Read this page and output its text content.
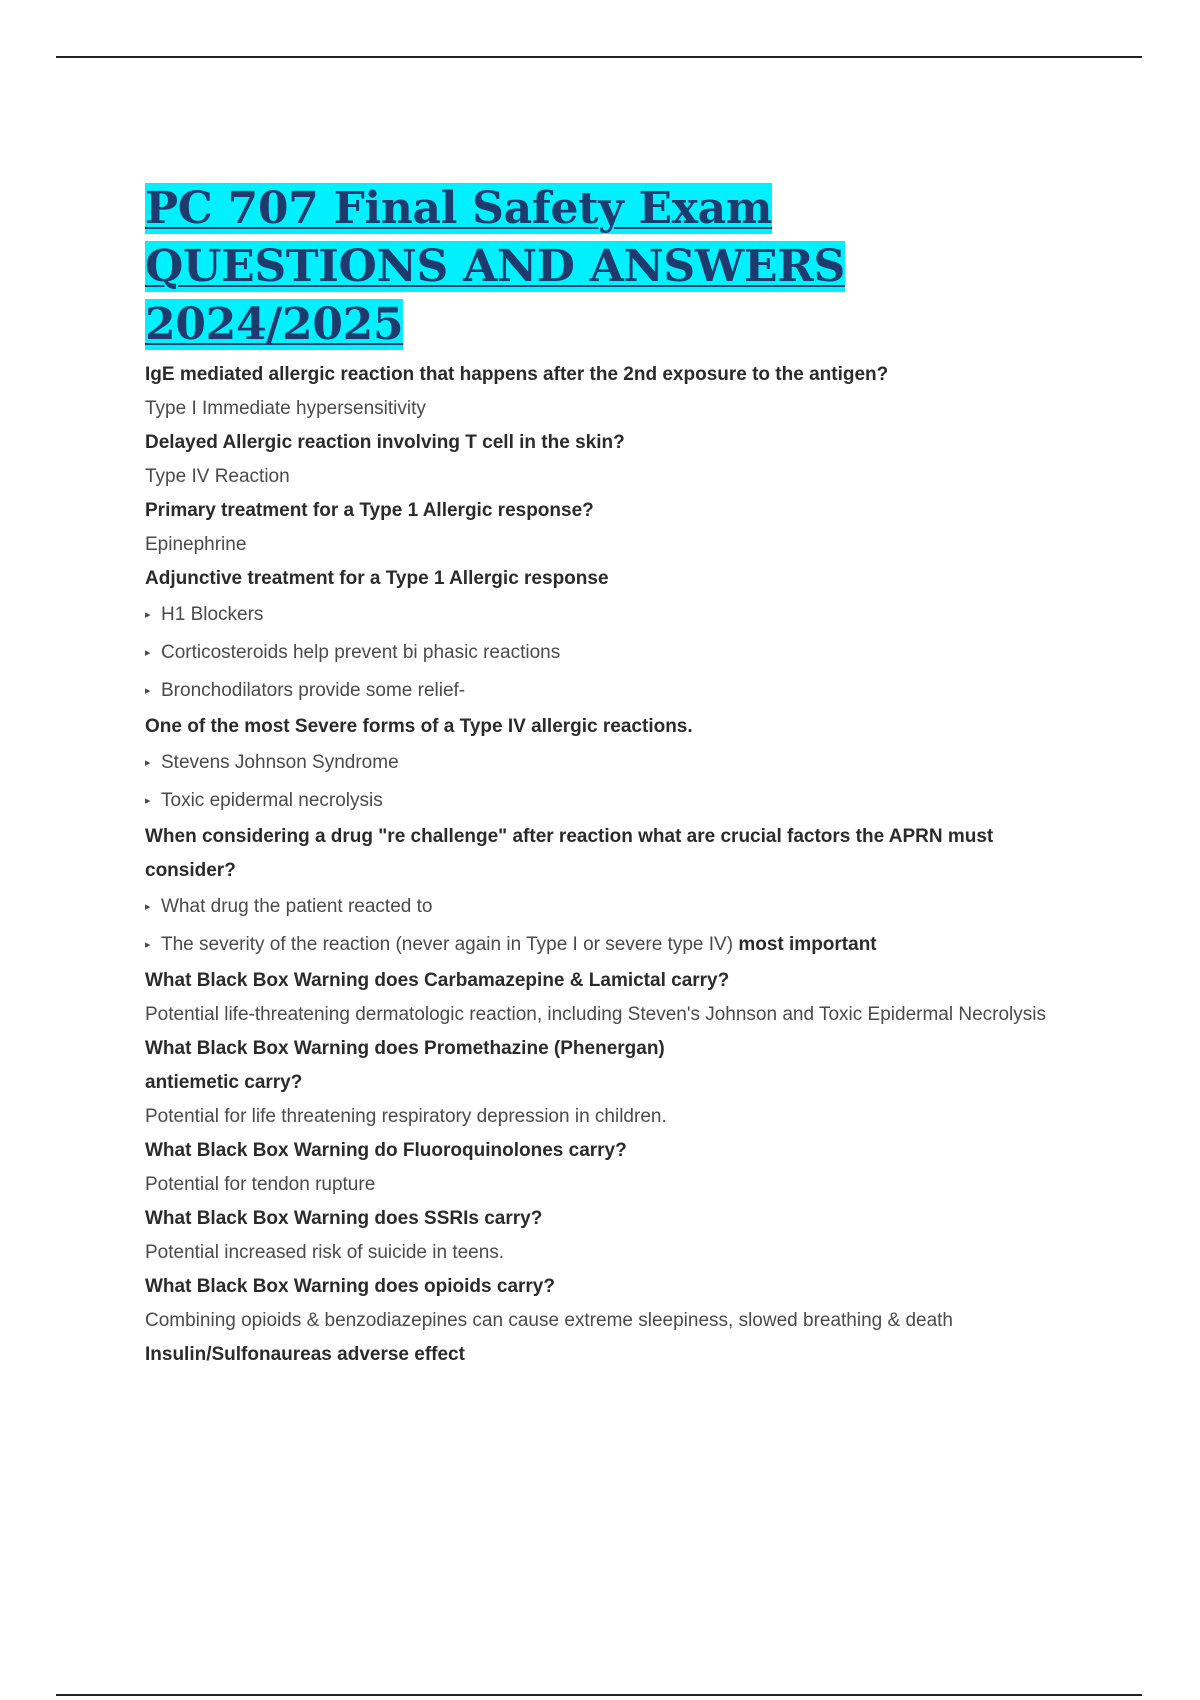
PC 707 Final Safety Exam QUESTIONS AND ANSWERS 2024/2025
IgE mediated allergic reaction that happens after the 2nd exposure to the antigen?
Type I Immediate hypersensitivity
Delayed Allergic reaction involving T cell in the skin?
Type IV Reaction
Primary treatment for a Type 1 Allergic response?
Epinephrine
Adjunctive treatment for a Type 1 Allergic response
▸ H1 Blockers
▸ Corticosteroids help prevent bi phasic reactions
▸ Bronchodilators provide some relief-
One of the most Severe forms of a Type IV allergic reactions.
▸ Stevens Johnson Syndrome
▸ Toxic epidermal necrolysis
When considering a drug "re challenge" after reaction what are crucial factors the APRN must consider?
▸ What drug the patient reacted to
▸ The severity of the reaction (never again in Type I or severe type IV) most important
What Black Box Warning does Carbamazepine & Lamictal carry?
Potential life-threatening dermatologic reaction, including Steven's Johnson and Toxic Epidermal Necrolysis
What Black Box Warning does Promethazine (Phenergan)
antiemetic carry?
Potential for life threatening respiratory depression in children.
What Black Box Warning do Fluoroquinolones carry?
Potential for tendon rupture
What Black Box Warning does SSRIs carry?
Potential increased risk of suicide in teens.
What Black Box Warning does opioids carry?
Combining opioids & benzodiazepines can cause extreme sleepiness, slowed breathing & death
Insulin/Sulfonaureas adverse effect
